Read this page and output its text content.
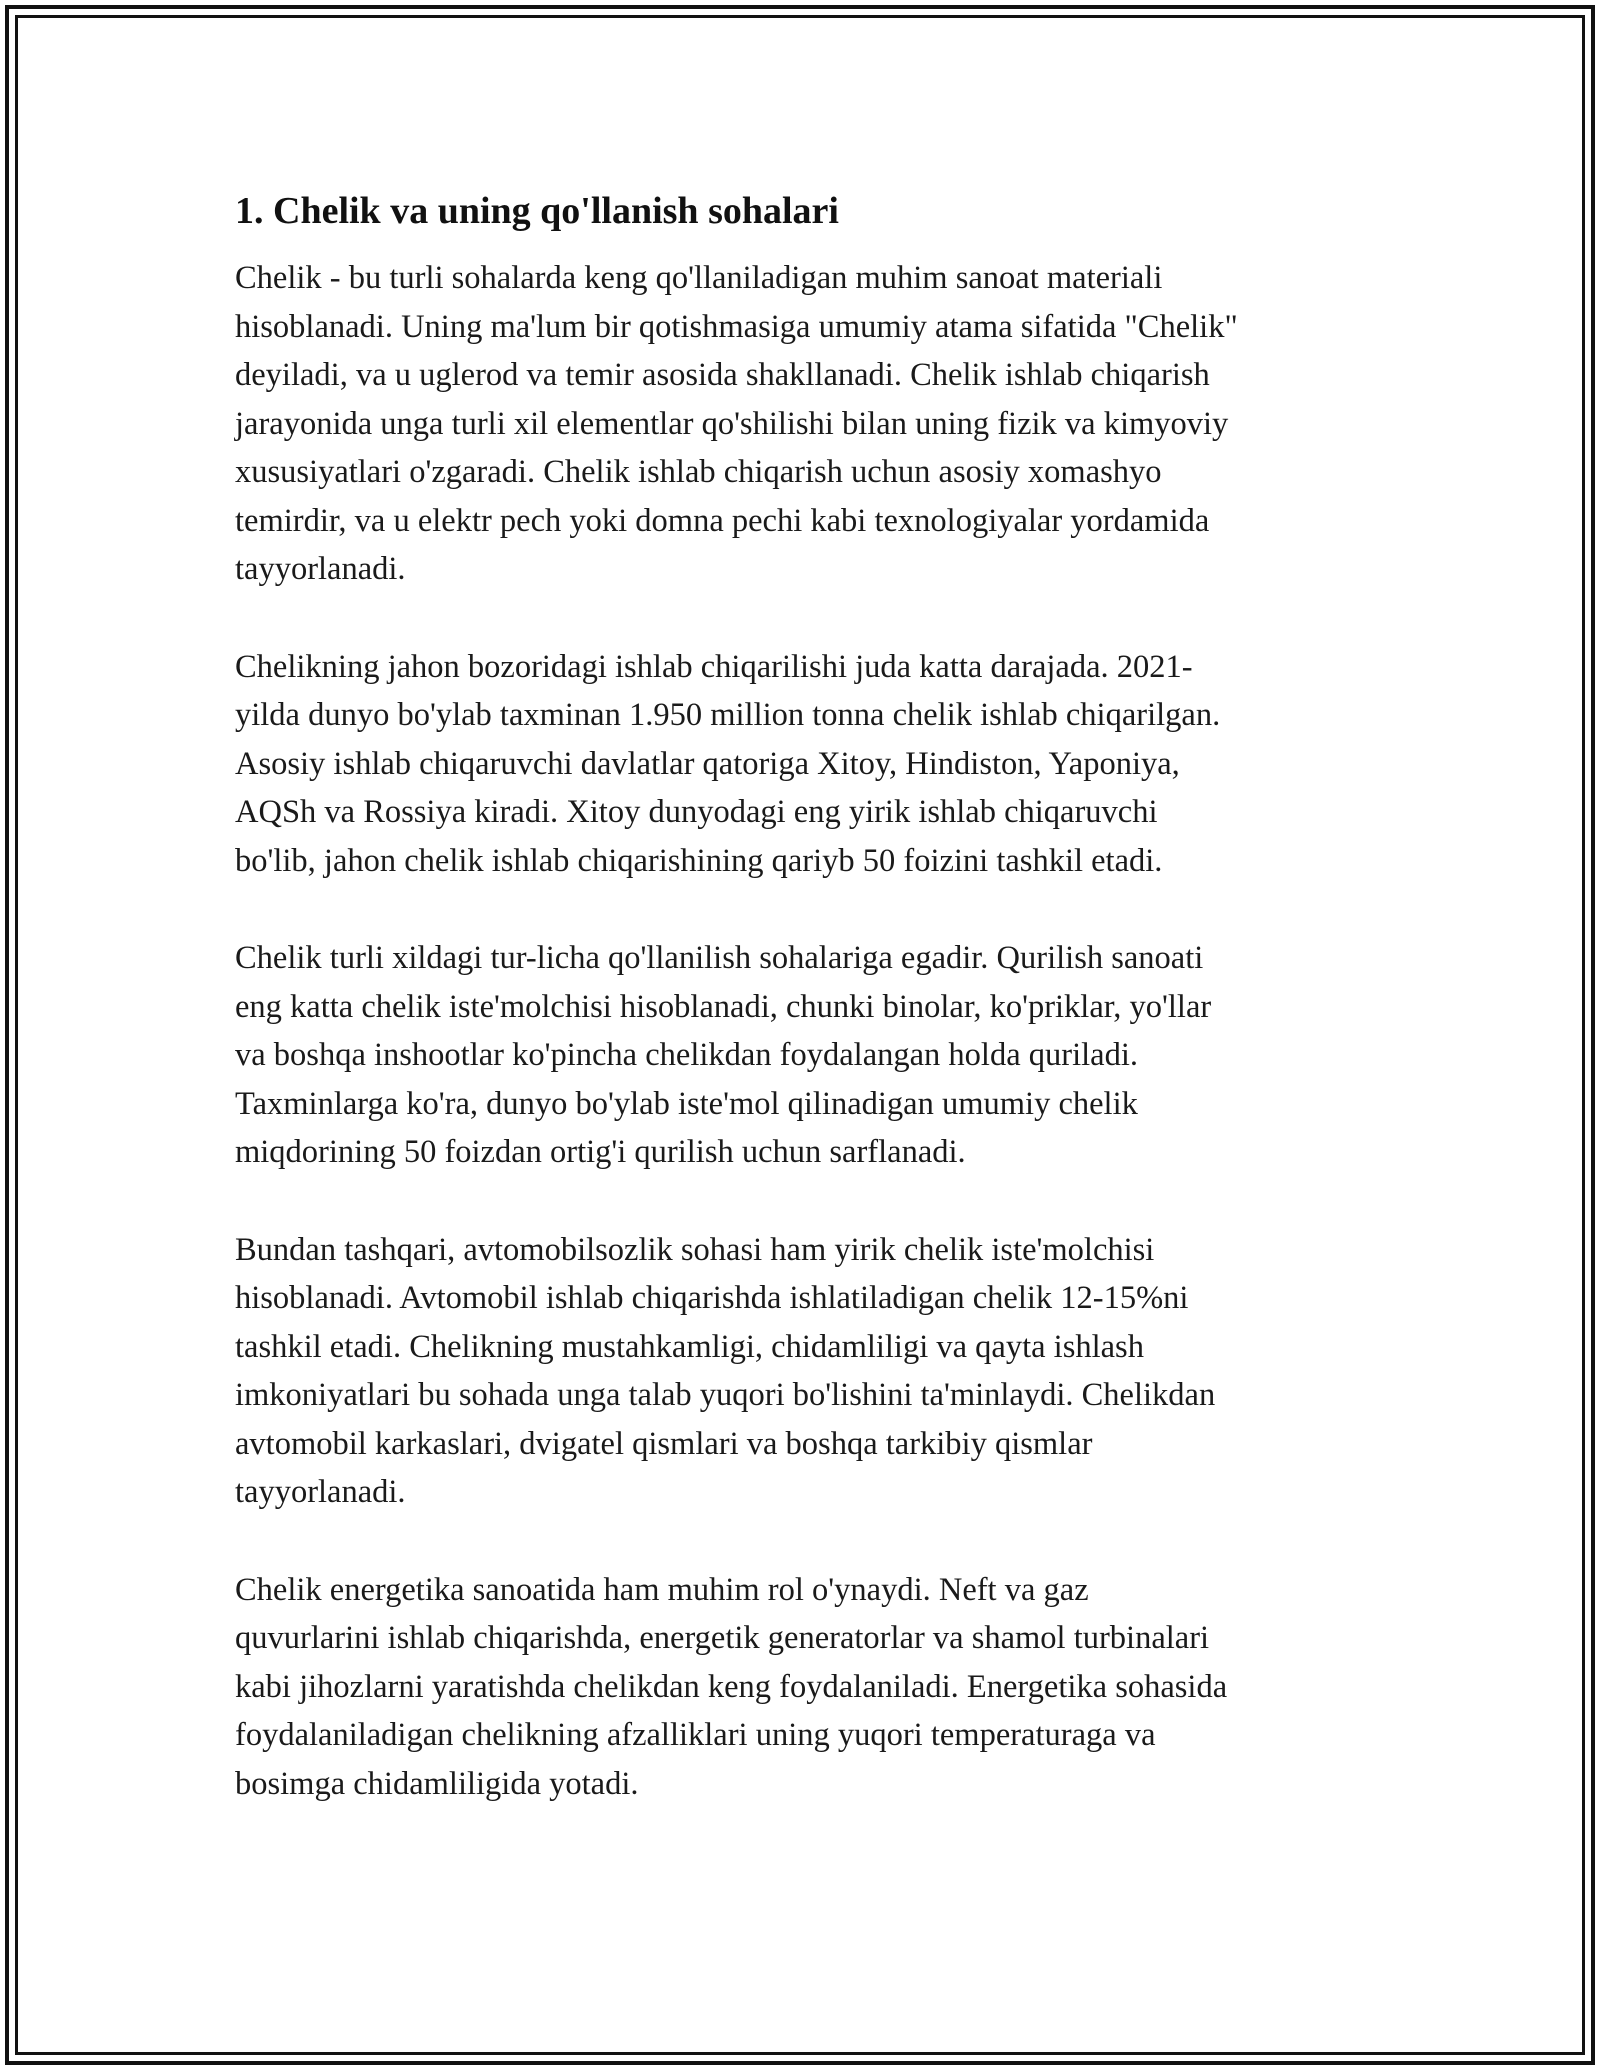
1. Chelik va uning qo'llanish sohalari

Chelik - bu turli sohalarda keng qo'llaniladigan muhim sanoat materiali
hisoblanadi. Uning ma'lum bir qotishmasiga umumiy atama sifatida "Chelik"
deyiladi, va u uglerod va temir asosida shakllanadi. Chelik ishlab chiqarish
jarayonida unga turli xil elementlar qo'shilishi bilan uning fizik va kimyoviy
xususiyatlari o'zgaradi. Chelik ishlab chiqarish uchun asosiy xomashyo
temirdir, va u elektr pech yoki domna pechi kabi texnologiyalar yordamida
tayyorlanadi.

Chelikning jahon bozoridagi ishlab chiqarilishi juda katta darajada. 2021-
yilda dunyo bo'ylab taxminan 1.950 million tonna chelik ishlab chiqarilgan.
Asosiy ishlab chiqaruvchi davlatlar qatoriga Xitoy, Hindiston, Yaponiya,
AQSh va Rossiya kiradi. Xitoy dunyodagi eng yirik ishlab chiqaruvchi
bo'lib, jahon chelik ishlab chiqarishining qariyb 50 foizini tashkil etadi.

Chelik turli xildagi tur-licha qo'llanilish sohalariga egadir. Qurilish sanoati
eng katta chelik iste'molchisi hisoblanadi, chunki binolar, ko'priklar, yo'llar
va boshqa inshootlar ko'pincha chelikdan foydalangan holda quriladi.
Taxminlarga ko'ra, dunyo bo'ylab iste'mol qilinadigan umumiy chelik
miqdorining 50 foizdan ortig'i qurilish uchun sarflanadi.

Bundan tashqari, avtomobilsozlik sohasi ham yirik chelik iste'molchisi
hisoblanadi. Avtomobil ishlab chiqarishda ishlatiladigan chelik 12-15%ni
tashkil etadi. Chelikning mustahkamligi, chidamliligi va qayta ishlash
imkoniyatlari bu sohada unga talab yuqori bo'lishini ta'minlaydi. Chelikdan
avtomobil karkaslari, dvigatel qismlari va boshqa tarkibiy qismlar
tayyorlanadi.

Chelik energetika sanoatida ham muhim rol o'ynaydi. Neft va gaz
quvurlarini ishlab chiqarishda, energetik generatorlar va shamol turbinalari
kabi jihozlarni yaratishda chelikdan keng foydalaniladi. Energetika sohasida
foydalaniladigan chelikning afzalliklari uning yuqori temperaturaga va
bosimga chidamliligida yotadi.
